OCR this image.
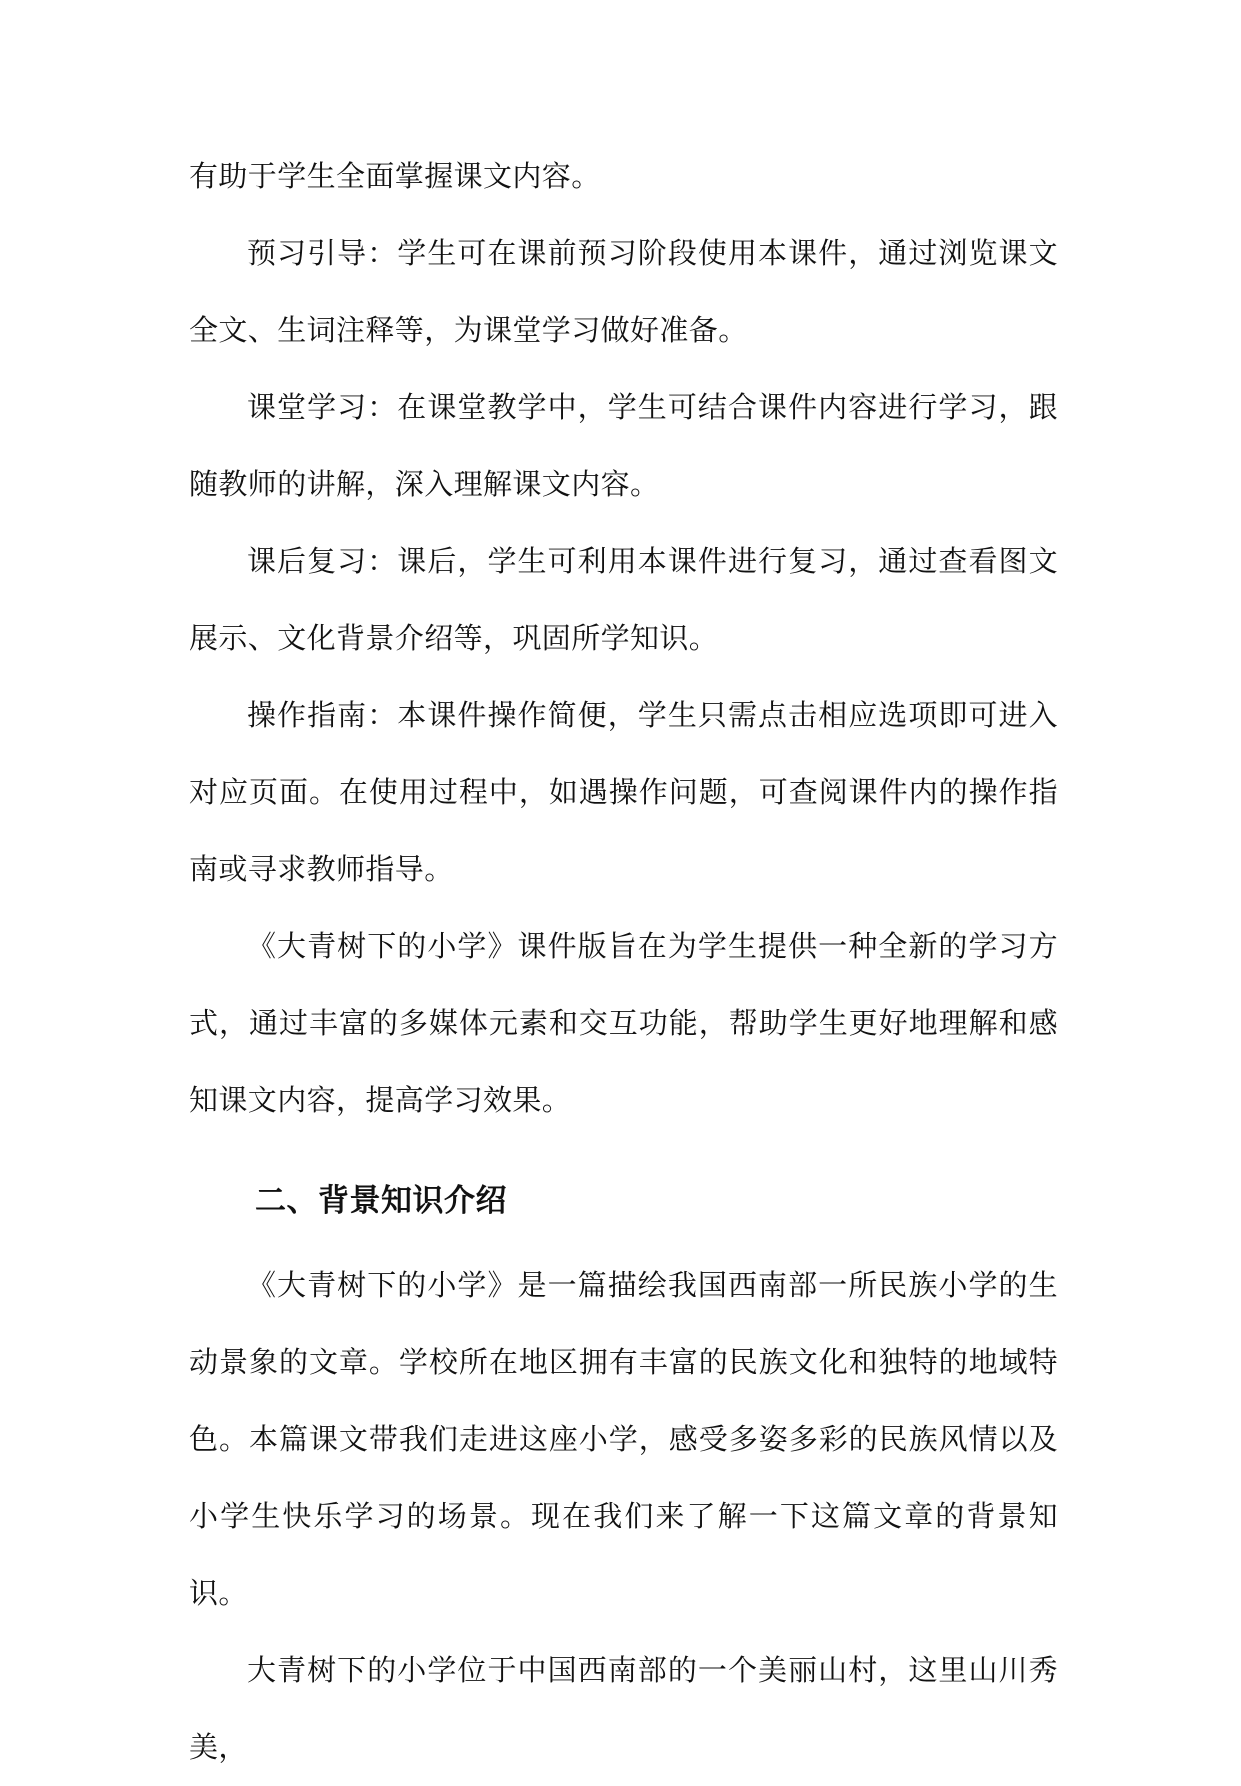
有助于学生全面掌握课文内容。

预习引导：学生可在课前预习阶段使用本课件，通过浏览课文全文、生词注释等，为课堂学习做好准备。

课堂学习：在课堂教学中，学生可结合课件内容进行学习，跟随教师的讲解，深入理解课文内容。

课后复习：课后，学生可利用本课件进行复习，通过查看图文展示、文化背景介绍等，巩固所学知识。

操作指南：本课件操作简便，学生只需点击相应选项即可进入对应页面。在使用过程中，如遇操作问题，可查阅课件内的操作指南或寻求教师指导。

《大青树下的小学》课件版旨在为学生提供一种全新的学习方式，通过丰富的多媒体元素和交互功能，帮助学生更好地理解和感知课文内容，提高学习效果。

二、背景知识介绍

《大青树下的小学》是一篇描绘我国西南部一所民族小学的生动景象的文章。学校所在地区拥有丰富的民族文化和独特的地域特色。本篇课文带我们走进这座小学，感受多姿多彩的民族风情以及小学生快乐学习的场景。现在我们来了解一下这篇文章的背景知识。

大青树下的小学位于中国西南部的一个美丽山村，这里山川秀美，
